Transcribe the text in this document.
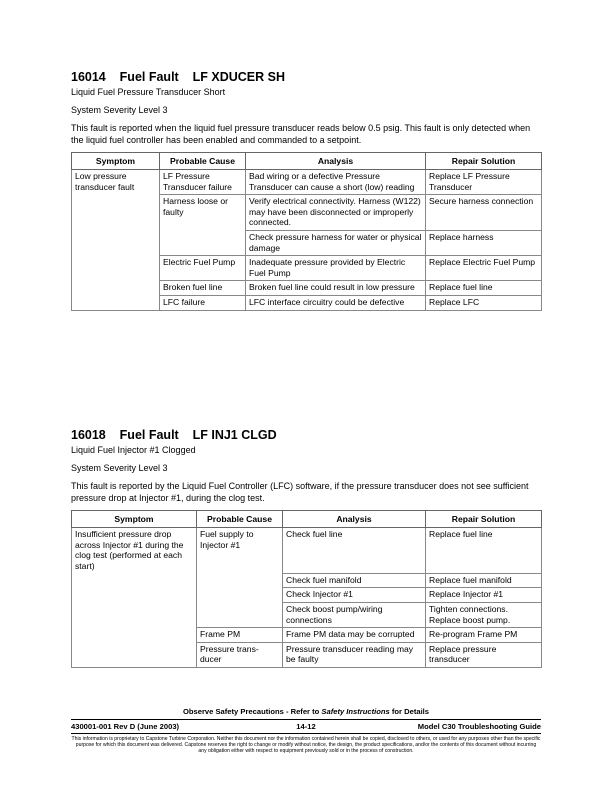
16014 Fuel Fault LF XDUCER SH
Liquid Fuel Pressure Transducer Short
System Severity Level 3
This fault is reported when the liquid fuel pressure transducer reads below 0.5 psig. This fault is only detected when the liquid fuel controller has been enabled and commanded to a setpoint.
Symptom	Probable Cause	Analysis	Repair Solution
Low pressure transducer fault	LF Pressure Transducer failure	Bad wiring or a defective Pressure Transducer can cause a short (low) reading	Replace LF Pressure Transducer
	Harness loose or faulty	Verify electrical connectivity. Harness (W122) may have been disconnected or improperly connected.	Secure harness connection
		Check pressure harness for water or physical damage	Replace harness
	Electric Fuel Pump	Inadequate pressure provided by Electric Fuel Pump	Replace Electric Fuel Pump
	Broken fuel line	Broken fuel line could result in low pressure	Replace fuel line
	LFC failure	LFC interface circuitry could be defective	Replace LFC
16018 Fuel Fault LF INJ1 CLGD
Liquid Fuel Injector #1 Clogged
System Severity Level 3
This fault is reported by the Liquid Fuel Controller (LFC) software, if the pressure transducer does not see sufficient pressure drop at Injector #1, during the clog test.
Symptom	Probable Cause	Analysis	Repair Solution
Insufficient pressure drop across Injector #1 during the clog test (performed at each start)	Fuel supply to Injector #1	Check fuel line	Replace fuel line
		Check fuel manifold	Replace fuel manifold
		Check Injector #1	Replace Injector #1
		Check boost pump/wiring connections	Tighten connections. Replace boost pump.
	Frame PM	Frame PM data may be corrupted	Re-program Frame PM
	Pressure trans-ducer	Pressure transducer reading may be faulty	Replace pressure transducer
Observe Safety Precautions - Refer to Safety Instructions for Details
430001-001 Rev D (June 2003)	14-12	Model C30 Troubleshooting Guide
This information is proprietary to Capstone Turbine Corporation. Neither this document nor the information contained herein shall be copied, disclosed to others, or used for any purposes other than the specific purpose for which this document was delivered. Capstone reserves the right to change or modify without notice, the design, the product specifications, and/or the contents of this document without incurring any obligation either with respect to equipment previously sold or in the process of construction.
